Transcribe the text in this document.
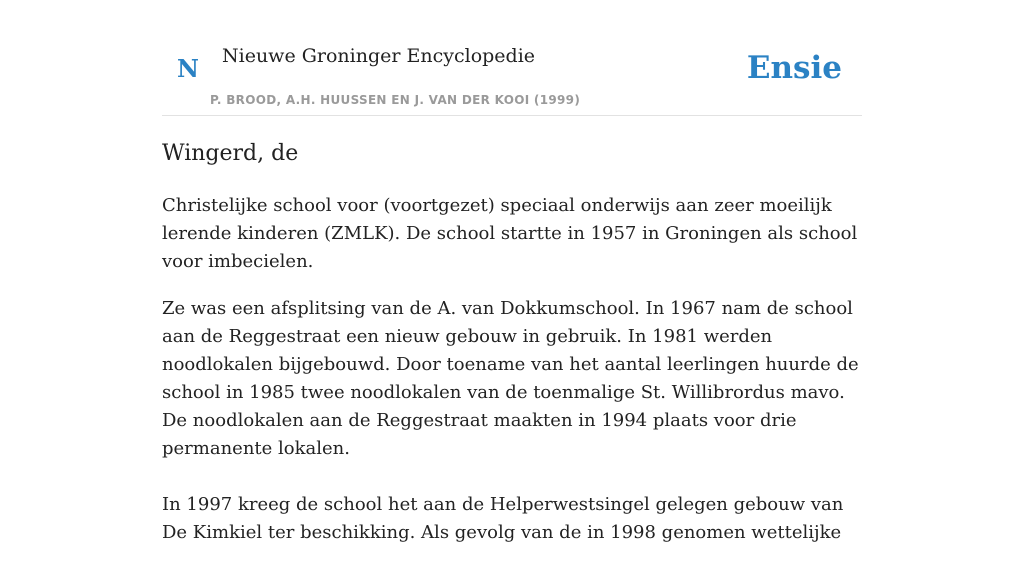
N Nieuwe Groninger Encyclopedie
P. BROOD, A.H. HUUSSEN EN J. VAN DER KOOI (1999)
Ensie
Wingerd, de

Christelijke school voor (voortgezet) speciaal onderwijs aan zeer moeilijk lerende kinderen (ZMLK). De school startte in 1957 in Groningen als school voor imbecielen.

Ze was een afsplitsing van de A. van Dokkumschool. In 1967 nam de school aan de Reggestraat een nieuw gebouw in gebruik. In 1981 werden noodlokalen bijgebouwd. Door toename van het aantal leerlingen huurde de school in 1985 twee noodlokalen van de toenmalige St. Willibrordus mavo. De noodlokalen aan de Reggestraat maakten in 1994 plaats voor drie permanente lokalen.

In 1997 kreeg de school het aan de Helperwestsingel gelegen gebouw van De Kimkiel ter beschikking. Als gevolg van de in 1998 genomen wettelijke
